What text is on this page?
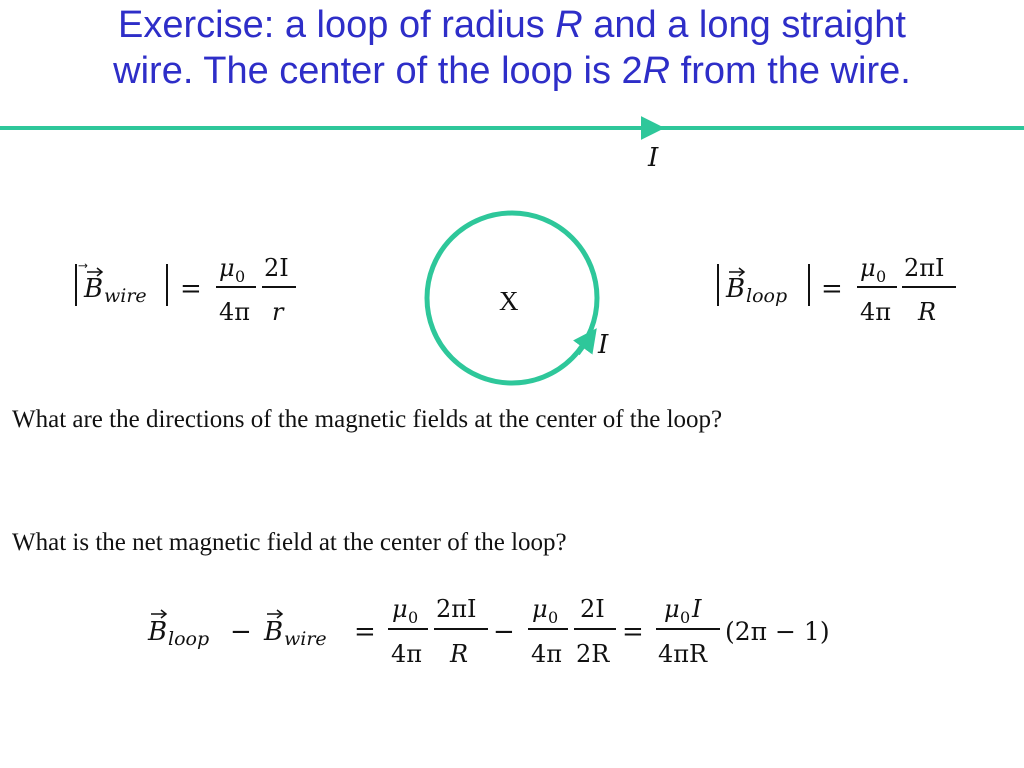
Exercise: a loop of radius R and a long straight
wire. The center of the loop is 2R from the wire.
I
I
X
B wire =
μ 0
4π
2I
r
B loop =
μ 0
4π
2πI
R
B loop − B wire =
μ 0
4π
2πI
R
−
μ 0
4π
2I
2R
=
μ 0 I
4πR
(2π − 1)
What are the directions of the magnetic fields at the center of the loop?
What is the net magnetic field at the center of the loop?
